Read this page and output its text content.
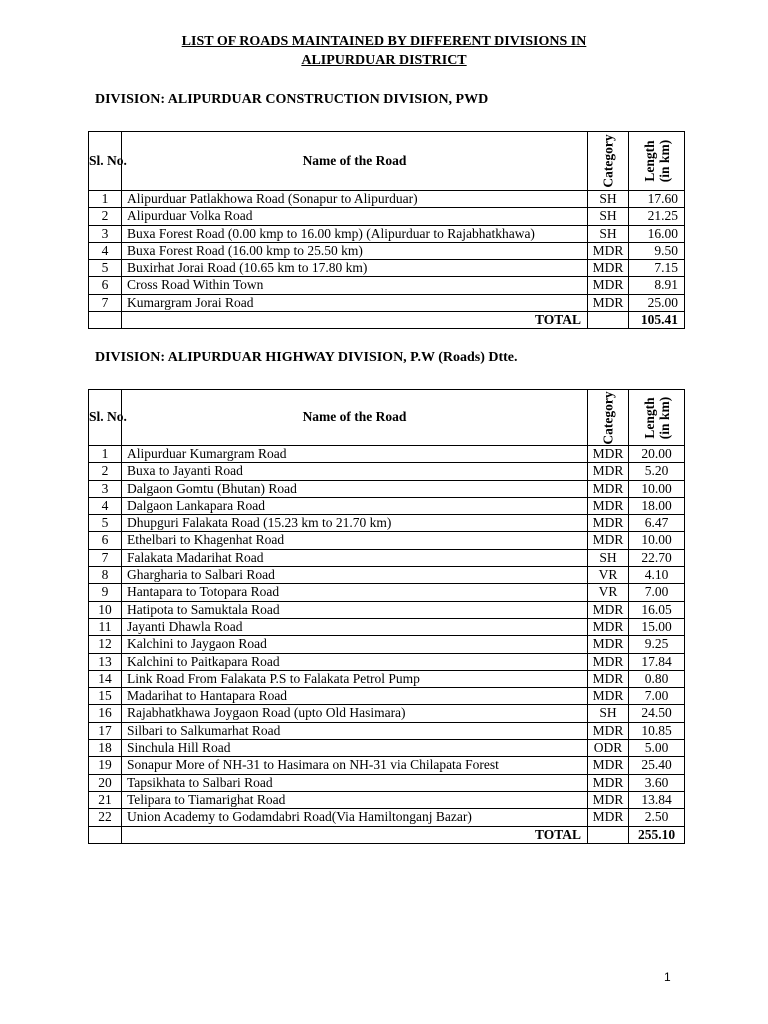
LIST OF ROADS MAINTAINED BY DIFFERENT DIVISIONS IN
ALIPURDUAR DISTRICT
DIVISION: ALIPURDUAR CONSTRUCTION DIVISION, PWD
Sl. No.	Name of the Road	Category	Length
(in km)

1	Alipurduar Patlakhowa Road (Sonapur to Alipurduar)	SH	17.60
2	Alipurduar Volka Road	SH	21.25
3	Buxa Forest Road (0.00 kmp to 16.00 kmp) (Alipurduar to Rajabhatkhawa)	SH	16.00
4	Buxa Forest Road (16.00 kmp to 25.50 km)	MDR	9.50
5	Buxirhat Jorai Road (10.65 km to 17.80 km)	MDR	7.15
6	Cross Road Within Town	MDR	8.91
7	Kumargram Jorai Road	MDR	25.00
	TOTAL		105.41
DIVISION: ALIPURDUAR HIGHWAY DIVISION, P.W (Roads) Dtte.
Sl. No.	Name of the Road	Category	Length
(in km)

1	Alipurduar Kumargram Road	MDR	20.00
2	Buxa to Jayanti Road	MDR	5.20
3	Dalgaon Gomtu (Bhutan) Road	MDR	10.00
4	Dalgaon Lankapara Road	MDR	18.00
5	Dhupguri Falakata Road (15.23 km to 21.70 km)	MDR	6.47
6	Ethelbari to Khagenhat Road	MDR	10.00
7	Falakata Madarihat Road	SH	22.70
8	Ghargharia to Salbari Road	VR	4.10
9	Hantapara to Totopara Road	VR	7.00
10	Hatipota to Samuktala Road	MDR	16.05
11	Jayanti Dhawla Road	MDR	15.00
12	Kalchini to Jaygaon Road	MDR	9.25
13	Kalchini to Paitkapara Road	MDR	17.84
14	Link Road From Falakata P.S to Falakata Petrol Pump	MDR	0.80
15	Madarihat to Hantapara Road	MDR	7.00
16	Rajabhatkhawa Joygaon Road (upto Old Hasimara)	SH	24.50
17	Silbari to Salkumarhat Road	MDR	10.85
18	Sinchula Hill Road	ODR	5.00
19	Sonapur More of NH-31 to Hasimara on NH-31 via Chilapata Forest	MDR	25.40
20	Tapsikhata to Salbari Road	MDR	3.60
21	Telipara to Tiamarighat Road	MDR	13.84
22	Union Academy to Godamdabri Road(Via Hamiltonganj Bazar)	MDR	2.50
	TOTAL		255.10
1
